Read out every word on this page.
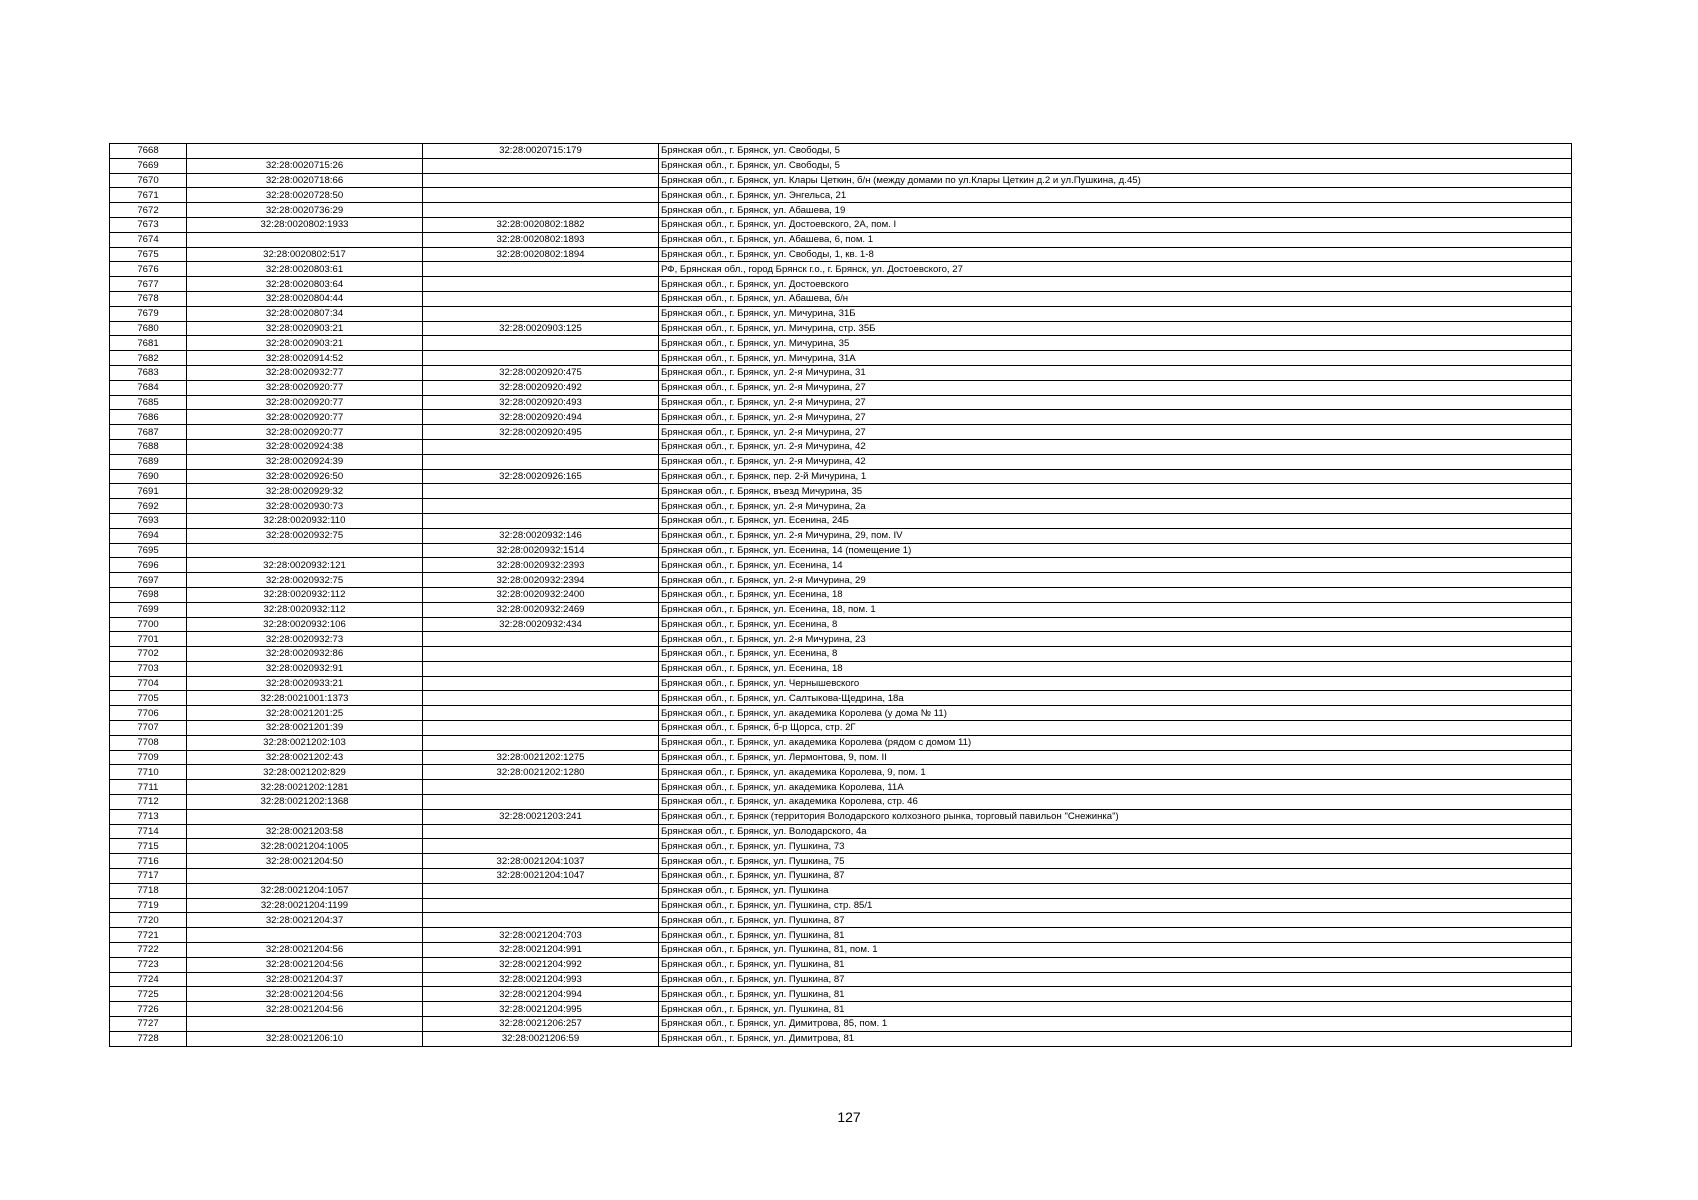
7668		32:28:0020715:179	Брянская обл., г. Брянск, ул. Свободы, 5
7669	32:28:0020715:26		Брянская обл., г. Брянск, ул. Свободы, 5
7670	32:28:0020718:66		Брянская обл., г. Брянск, ул. Клары Цеткин, б/н (между домами по ул.Клары Цеткин д.2 и ул.Пушкина, д.45)
7671	32:28:0020728:50		Брянская обл., г. Брянск, ул. Энгельса, 21
7672	32:28:0020736:29		Брянская обл., г. Брянск, ул. Абашева, 19
7673	32:28:0020802:1933	32:28:0020802:1882	Брянская обл., г. Брянск, ул. Достоевского, 2А, пом. I
7674		32:28:0020802:1893	Брянская обл., г. Брянск, ул. Абашева, 6, пом. 1
7675	32:28:0020802:517	32:28:0020802:1894	Брянская обл., г. Брянск, ул. Свободы, 1, кв. 1-8
7676	32:28:0020803:61		РФ, Брянская обл., город Брянск г.о., г. Брянск, ул. Достоевского, 27
7677	32:28:0020803:64		Брянская обл., г. Брянск, ул. Достоевского
7678	32:28:0020804:44		Брянская обл., г. Брянск, ул. Абашева, б/н
7679	32:28:0020807:34		Брянская обл., г. Брянск, ул. Мичурина, 31Б
7680	32:28:0020903:21	32:28:0020903:125	Брянская обл., г. Брянск, ул. Мичурина, стр. 35Б
7681	32:28:0020903:21		Брянская обл., г. Брянск, ул. Мичурина, 35
7682	32:28:0020914:52		Брянская обл., г. Брянск, ул. Мичурина, 31А
7683	32:28:0020932:77	32:28:0020920:475	Брянская обл., г. Брянск, ул. 2-я Мичурина, 31
7684	32:28:0020920:77	32:28:0020920:492	Брянская обл., г. Брянск, ул. 2-я Мичурина, 27
7685	32:28:0020920:77	32:28:0020920:493	Брянская обл., г. Брянск, ул. 2-я Мичурина, 27
7686	32:28:0020920:77	32:28:0020920:494	Брянская обл., г. Брянск, ул. 2-я Мичурина, 27
7687	32:28:0020920:77	32:28:0020920:495	Брянская обл., г. Брянск, ул. 2-я Мичурина, 27
7688	32:28:0020924:38		Брянская обл., г. Брянск, ул. 2-я Мичурина, 42
7689	32:28:0020924:39		Брянская обл., г. Брянск, ул. 2-я Мичурина, 42
7690	32:28:0020926:50	32:28:0020926:165	Брянская обл., г. Брянск, пер. 2-й Мичурина, 1
7691	32:28:0020929:32		Брянская обл., г. Брянск, въезд Мичурина, 35
7692	32:28:0020930:73		Брянская обл., г. Брянск, ул. 2-я Мичурина, 2а
7693	32:28:0020932:110		Брянская обл., г. Брянск, ул. Есенина, 24Б
7694	32:28:0020932:75	32:28:0020932:146	Брянская обл., г. Брянск, ул. 2-я Мичурина, 29, пом. IV
7695		32:28:0020932:1514	Брянская обл., г. Брянск, ул. Есенина, 14 (помещение 1)
7696	32:28:0020932:121	32:28:0020932:2393	Брянская обл., г. Брянск, ул. Есенина, 14
7697	32:28:0020932:75	32:28:0020932:2394	Брянская обл., г. Брянск, ул. 2-я Мичурина, 29
7698	32:28:0020932:112	32:28:0020932:2400	Брянская обл., г. Брянск, ул. Есенина, 18
7699	32:28:0020932:112	32:28:0020932:2469	Брянская обл., г. Брянск, ул. Есенина, 18, пом. 1
7700	32:28:0020932:106	32:28:0020932:434	Брянская обл., г. Брянск, ул. Есенина, 8
7701	32:28:0020932:73		Брянская обл., г. Брянск, ул. 2-я Мичурина, 23
7702	32:28:0020932:86		Брянская обл., г. Брянск, ул. Есенина, 8
7703	32:28:0020932:91		Брянская обл., г. Брянск, ул. Есенина, 18
7704	32:28:0020933:21		Брянская обл., г. Брянск, ул. Чернышевского
7705	32:28:0021001:1373		Брянская обл., г. Брянск, ул. Салтыкова-Щедрина, 18а
7706	32:28:0021201:25		Брянская обл., г. Брянск, ул. академика Королева (у дома № 11)
7707	32:28:0021201:39		Брянская обл., г. Брянск, б-р Щорса, стр. 2Г
7708	32:28:0021202:103		Брянская обл., г. Брянск, ул. академика Королева (рядом с домом 11)
7709	32:28:0021202:43	32:28:0021202:1275	Брянская обл., г. Брянск, ул. Лермонтова, 9, пом. II
7710	32:28:0021202:829	32:28:0021202:1280	Брянская обл., г. Брянск, ул. академика Королева, 9, пом. 1
7711	32:28:0021202:1281		Брянская обл., г. Брянск, ул. академика Королева, 11А
7712	32:28:0021202:1368		Брянская обл., г. Брянск, ул. академика Королева, стр. 46
7713		32:28:0021203:241	Брянская обл., г. Брянск (территория Володарского колхозного рынка, торговый павильон "Снежинка")
7714	32:28:0021203:58		Брянская обл., г. Брянск, ул. Володарского, 4а
7715	32:28:0021204:1005		Брянская обл., г. Брянск, ул. Пушкина, 73
7716	32:28:0021204:50	32:28:0021204:1037	Брянская обл., г. Брянск, ул. Пушкина, 75
7717		32:28:0021204:1047	Брянская обл., г. Брянск, ул. Пушкина, 87
7718	32:28:0021204:1057		Брянская обл., г. Брянск, ул. Пушкина
7719	32:28:0021204:1199		Брянская обл., г. Брянск, ул. Пушкина, стр. 85/1
7720	32:28:0021204:37		Брянская обл., г. Брянск, ул. Пушкина, 87
7721		32:28:0021204:703	Брянская обл., г. Брянск, ул. Пушкина, 81
7722	32:28:0021204:56	32:28:0021204:991	Брянская обл., г. Брянск, ул. Пушкина, 81, пом. 1
7723	32:28:0021204:56	32:28:0021204:992	Брянская обл., г. Брянск, ул. Пушкина, 81
7724	32:28:0021204:37	32:28:0021204:993	Брянская обл., г. Брянск, ул. Пушкина, 87
7725	32:28:0021204:56	32:28:0021204:994	Брянская обл., г. Брянск, ул. Пушкина, 81
7726	32:28:0021204:56	32:28:0021204:995	Брянская обл., г. Брянск, ул. Пушкина, 81
7727		32:28:0021206:257	Брянская обл., г. Брянск, ул. Димитрова, 85, пом. 1
7728	32:28:0021206:10	32:28:0021206:59	Брянская обл., г. Брянск, ул. Димитрова, 81
127
